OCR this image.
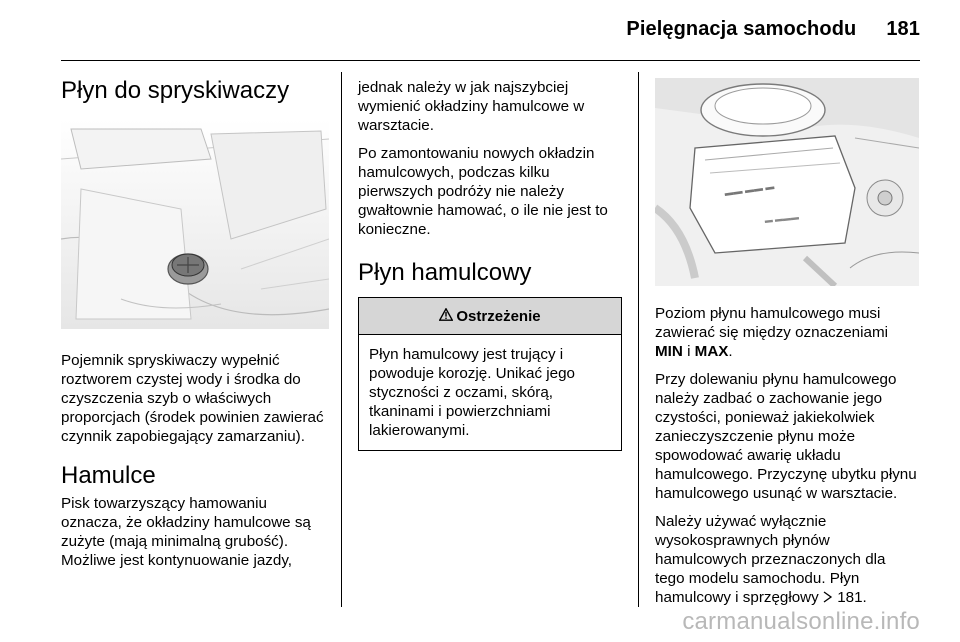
Pielęgnacja samochodu 181
Płyn do spryskiwaczy

Pojemnik spryskiwaczy wypełnić roztworem czystej wody i środka do czyszczenia szyb o właściwych proporcjach (środek powinien zawierać czynnik zapobiegający zamarzaniu).

Hamulce

Pisk towarzyszący hamowaniu oznacza, że okładziny hamulcowe są zużyte (mają minimalną grubość). Możliwe jest kontynuowanie jazdy,

jednak należy w jak najszybciej wymienić okładziny hamulcowe w warsztacie.

Po zamontowaniu nowych okładzin hamulcowych, podczas kilku pierwszych podróży nie należy gwałtownie hamować, o ile nie jest to konieczne.

Płyn hamulcowy
Ostrzeżenie

Płyn hamulcowy jest trujący i powoduje korozję. Unikać jego styczności z oczami, skórą, tkaninami i powierzchniami lakierowanymi.

▬▬ ▬▬ ▬
▬ ▬▬▬

Poziom płynu hamulcowego musi zawierać się między oznaczeniami MIN i MAX.

Przy dolewaniu płynu hamulcowego należy zadbać o zachowanie jego czystości, ponieważ jakiekolwiek zanieczyszczenie płynu może spowodować awarię układu hamulcowego. Przyczynę ubytku płynu hamulcowego usunąć w warsztacie.

Należy używać wyłącznie wysokosprawnych płynów hamulcowych przeznaczonych dla tego modelu samochodu. Płyn hamulcowy i sprzęgłowy  181.

carmanualsonline.info
